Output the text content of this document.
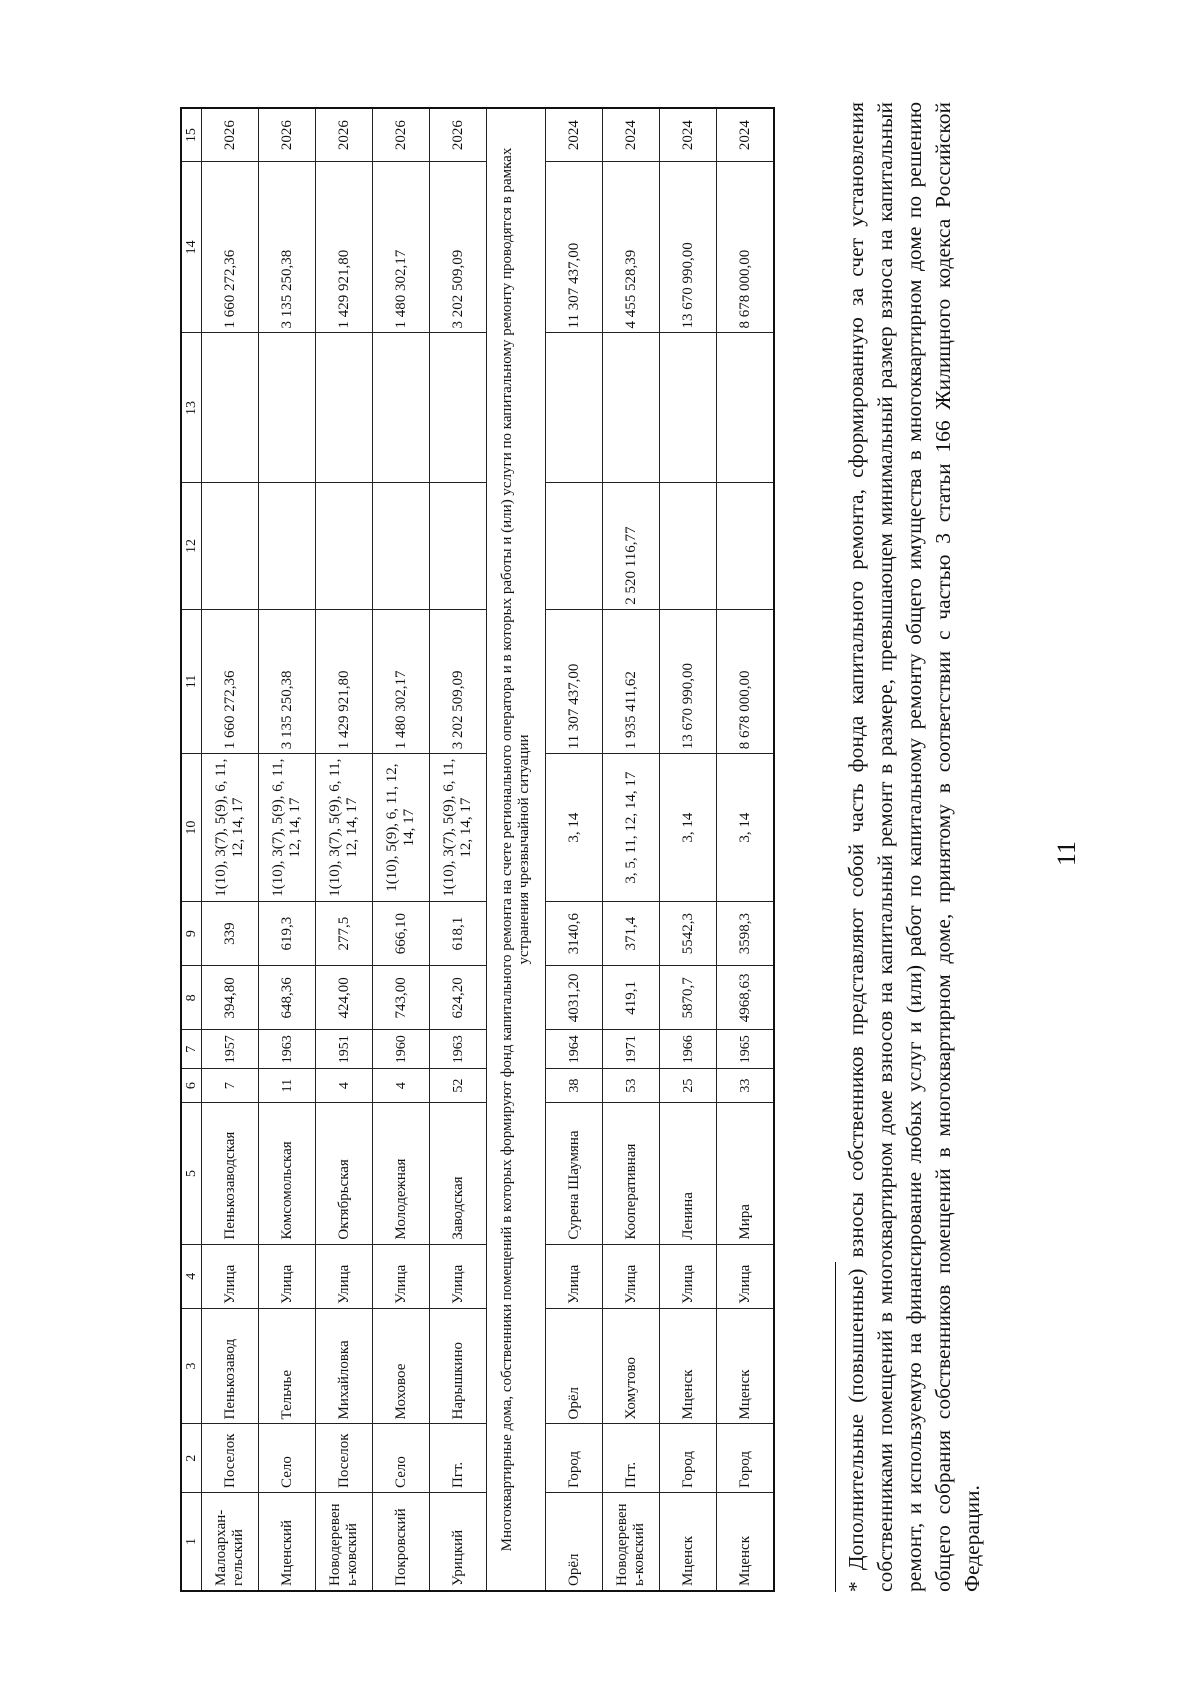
11
1	2	3	4	5	6	7	8	9	10	11	12	13	14	15
Малоархан-гельский	Поселок	Пенькозавод	Улица	Пенькозаводская	7	1957	394,80	339	1(10), 3(7), 5(9), 6, 11, 12, 14, 17	1 660 272,36			1 660 272,36	2026
Мценский	Село	Тельчье	Улица	Комсомольская	11	1963	648,36	619,3	1(10), 3(7), 5(9), 6, 11, 12, 14, 17	3 135 250,38			3 135 250,38	2026
Новодеревень-ковский	Поселок	Михайловка	Улица	Октябрьская	4	1951	424,00	277,5	1(10), 3(7), 5(9), 6, 11, 12, 14, 17	1 429 921,80			1 429 921,80	2026
Покровский	Село	Моховое	Улица	Молодежная	4	1960	743,00	666,10	1(10), 5(9), 6, 11, 12, 14, 17	1 480 302,17			1 480 302,17	2026
Урицкий	Пгт.	Нарышкино	Улица	Заводская	52	1963	624,20	618,1	1(10), 3(7), 5(9), 6, 11, 12, 14, 17	3 202 509,09			3 202 509,09	2026
Многоквартирные дома, собственники помещений в которых формируют фонд капитального ремонта на счете регионального оператора и в которых работы и (или) услуги по капитальному ремонту проводятся в рамках устранения чрезвычайной ситуации														
Орёл	Город	Орёл	Улица	Сурена Шаумяна	38	1964	4031,20	3140,6	3, 14	11 307 437,00			11 307 437,00	2024
Новодеревень-ковский	Пгт.	Хомутово	Улица	Кооперативная	53	1971	419,1	371,4	3, 5, 11, 12, 14, 17	1 935 411,62	2 520 116,77		4 455 528,39	2024
Мценск	Город	Мценск	Улица	Ленина	25	1966	5870,7	5542,3	3, 14	13 670 990,00			13 670 990,00	2024
Мценск	Город	Мценск	Улица	Мира	33	1965	4968,63	3598,3	3, 14	8 678 000,00			8 678 000,00	2024	* Дополнительные (повышенные) взносы собственников представляют собой часть фонда капитального ремонта, сформированную за счет установления собственниками помещений в многоквартирном доме взносов на капитальный ремонт в размере, превышающем минимальный размер взноса на капитальный ремонт, и используемую на финансирование любых услуг и (или) работ по капитальному ремонту общего имущества в многоквартирном доме по решению общего собрания собственников помещений в многоквартирном доме, принятому в соответствии с частью 3 статьи 166 Жилищного кодекса Российской Федерации.
